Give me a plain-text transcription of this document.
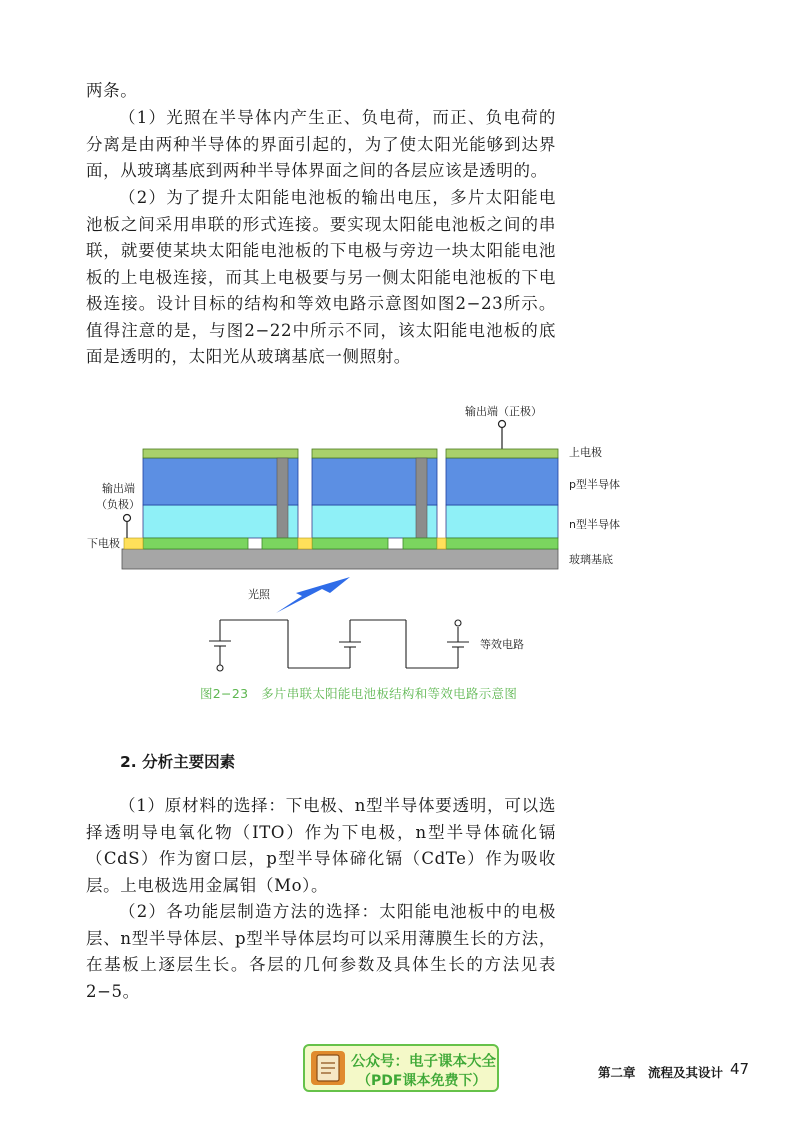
两条。

（1）光照在半导体内产生正、负电荷，而正、负电荷的分离是由两种半导体的界面引起的，为了使太阳光能够到达界面，从玻璃基底到两种半导体界面之间的各层应该是透明的。

（2）为了提升太阳能电池板的输出电压，多片太阳能电池板之间采用串联的形式连接。要实现太阳能电池板之间的串联，就要使某块太阳能电池板的下电极与旁边一块太阳能电池板的上电极连接，而其上电极要与另一侧太阳能电池板的下电极连接。设计目标的结构和等效电路示意图如图2−23所示。值得注意的是，与图2−22中所示不同，该太阳能电池板的底面是透明的，太阳光从玻璃基底一侧照射。

输出端（正极）
输出端
（负极）
下电极
上电极
p型半导体
n型半导体
玻璃基底
光照
等效电路
图2−23　多片串联太阳能电池板结构和等效电路示意图
2. 分析主要因素

（1）原材料的选择：下电极、n型半导体要透明，可以选择透明导电氧化物（ITO）作为下电极，n型半导体硫化镉（CdS）作为窗口层，p型半导体碲化镉（CdTe）作为吸收层。上电极选用金属钼（Mo）。

（2）各功能层制造方法的选择：太阳能电池板中的电极层、n型半导体层、p型半导体层均可以采用薄膜生长的方法，在基板上逐层生长。各层的几何参数及具体生长的方法见表2−5。

公众号：电子课本大全
（PDF课本免费下）
第二章　流程及其设计 47
